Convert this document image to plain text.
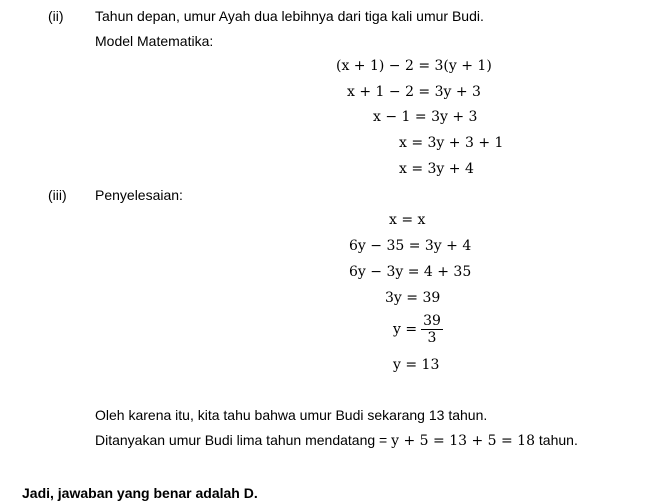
(ii) Tahun depan, umur Ayah dua lebihnya dari tiga kali umur Budi.
Model Matematika:
(x + 1) − 2 = 3(y + 1)
x + 1 − 2 = 3y + 3
x − 1 = 3y + 3
x = 3y + 3 + 1
x = 3y + 4
(iii) Penyelesaian:
x = x
6y − 35 = 3y + 4
6y − 3y = 4 + 35
3y = 39
$y = \frac{39}{3}$
y = 13
Oleh karena itu, kita tahu bahwa umur Budi sekarang 13 tahun.
Ditanyakan umur Budi lima tahun mendatang = y + 5 = 13 + 5 = 18 tahun.
Jadi, jawaban yang benar adalah D.
